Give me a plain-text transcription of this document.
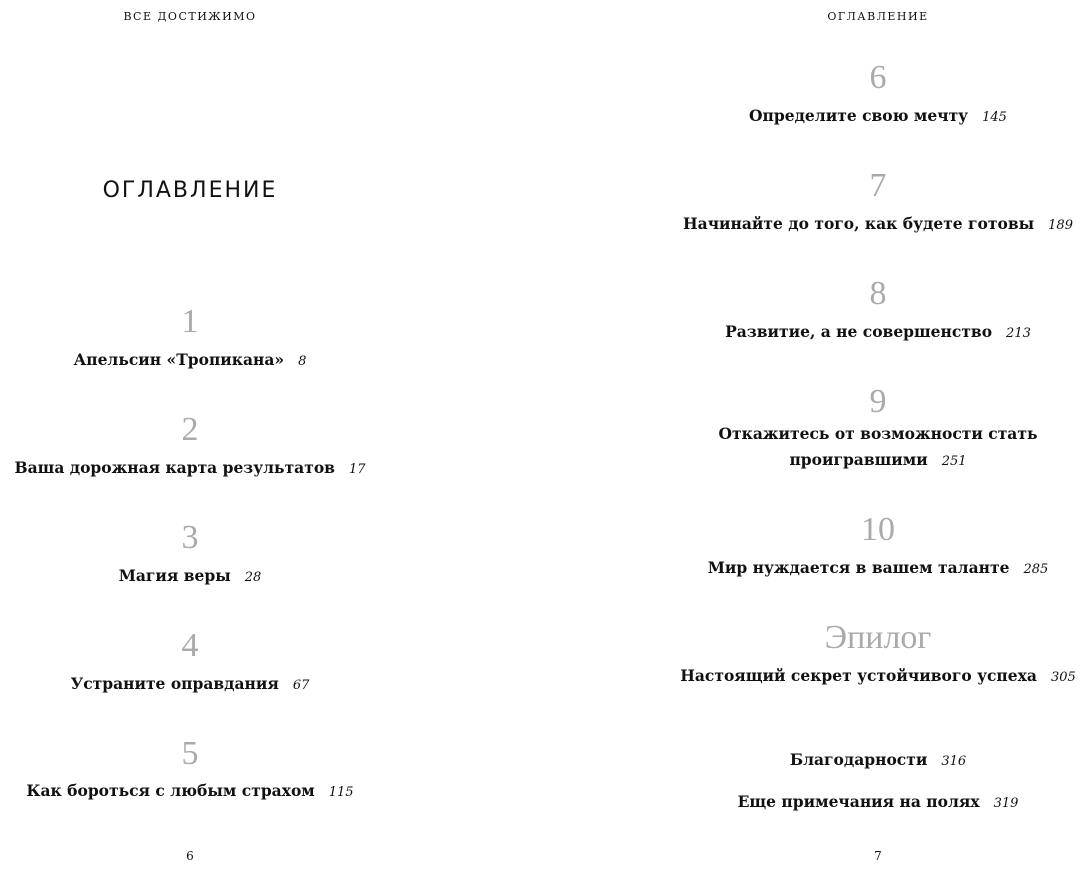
ВСЕ ДОСТИЖИМО
ОГЛАВЛЕНИЕ
1
Апельсин «Тропикана» 8
2
Ваша дорожная карта результатов 17
3
Магия веры 28
4
Устраните оправдания 67
5
Как бороться с любым страхом 115
6
ОГЛАВЛЕНИЕ
6
Определите свою мечту 145
7
Начинайте до того, как будете готовы 189
8
Развитие, а не совершенство 213
9
Откажитесь от возможности стать
проигравшими 251
10
Мир нуждается в вашем таланте 285
Эпилог
Настоящий секрет устойчивого успеха 305
Благодарности 316
Еще примечания на полях 319
7
